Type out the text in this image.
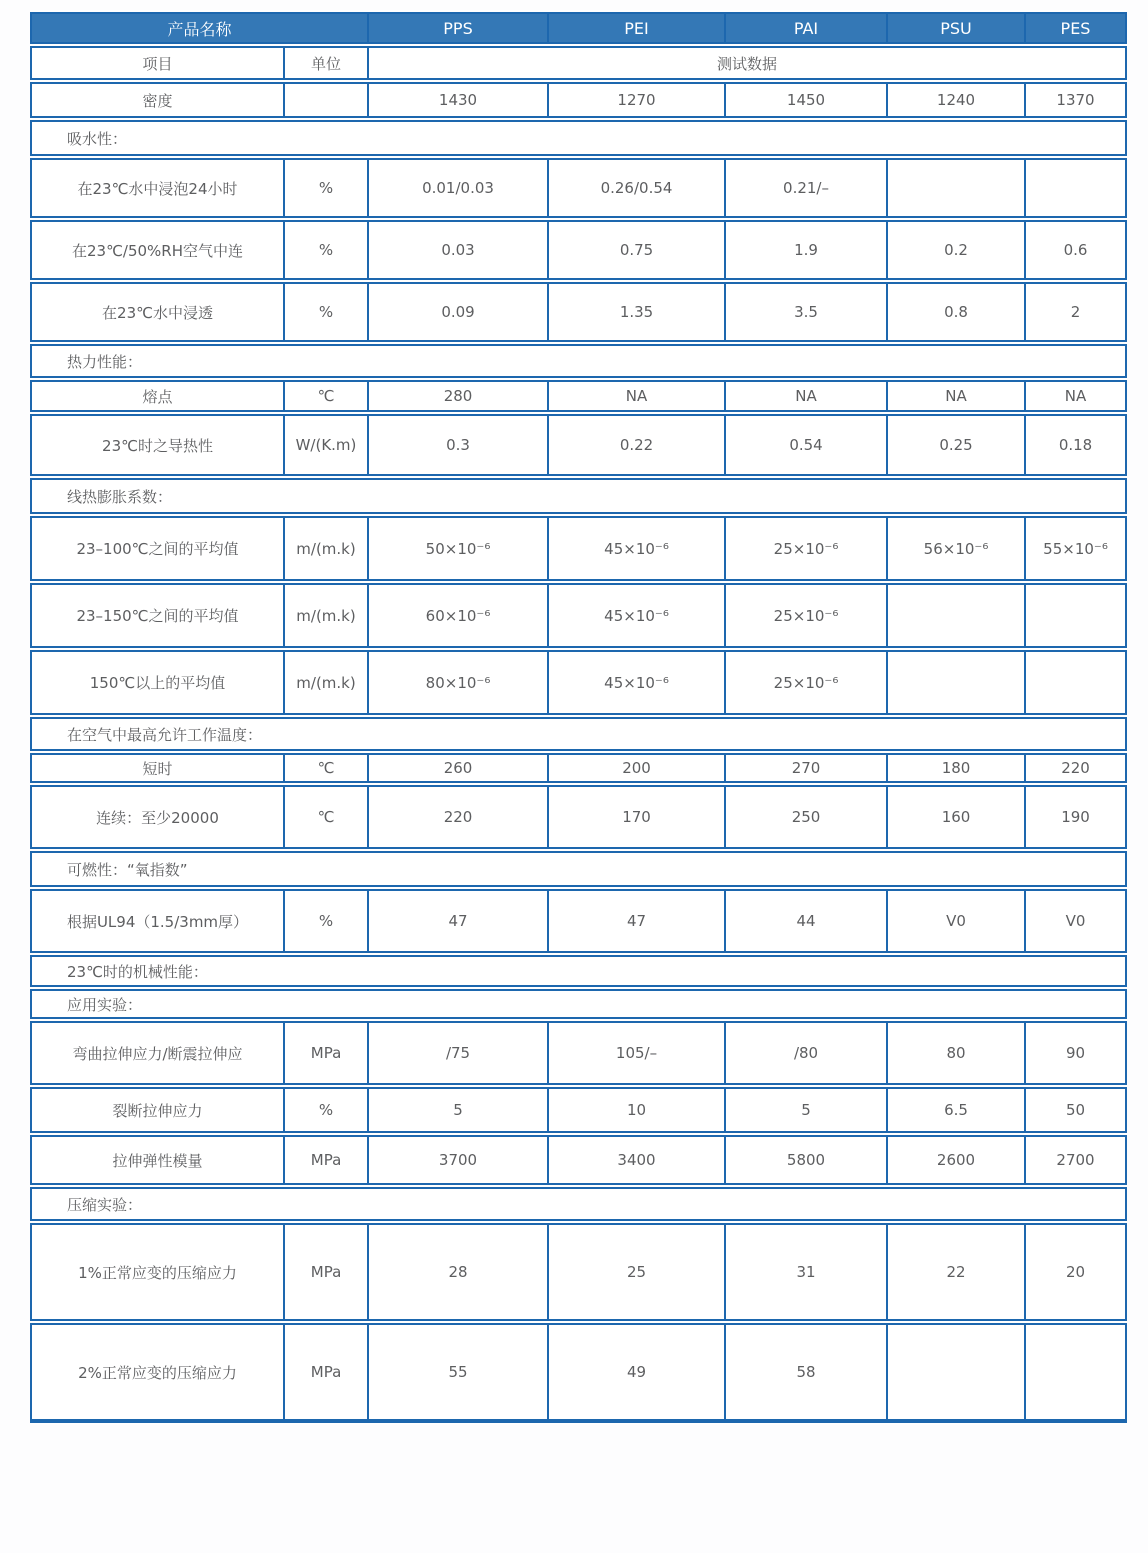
产品名称		PPS	PEI	PAI	PSU	PES
项目	单位	测试数据				
密度		1430	1270	1450	1240	1370
吸水性：						
在23℃水中浸泡24小时	%	0.01/0.03	0.26/0.54	0.21/–		
在23℃/50%RH空气中连	%	0.03	0.75	1.9	0.2	0.6
在23℃水中浸透	%	0.09	1.35	3.5	0.8	2
热力性能：						
熔点	℃	280	NA	NA	NA	NA
23℃时之导热性	W/(K.m)	0.3	0.22	0.54	0.25	0.18
线热膨胀系数：						
23–100℃之间的平均值	m/(m.k)	50×10⁻⁶	45×10⁻⁶	25×10⁻⁶	56×10⁻⁶	55×10⁻⁶
23–150℃之间的平均值	m/(m.k)	60×10⁻⁶	45×10⁻⁶	25×10⁻⁶		
150℃以上的平均值	m/(m.k)	80×10⁻⁶	45×10⁻⁶	25×10⁻⁶		
在空气中最高允许工作温度：						
短时	℃	260	200	270	180	220
连续：至少20000	℃	220	170	250	160	190
可燃性：“氧指数”						
根据UL94（1.5/3mm厚）	%	47	47	44	V0	V0
23℃时的机械性能：						
应用实验：						
弯曲拉伸应力/断震拉伸应	MPa	/75	105/–	/80	80	90
裂断拉伸应力	%	5	10	5	6.5	50
拉伸弹性模量	MPa	3700	3400	5800	2600	2700
压缩实验：						
1%正常应变的压缩应力	MPa	28	25	31	22	20
2%正常应变的压缩应力	MPa	55	49	58		
